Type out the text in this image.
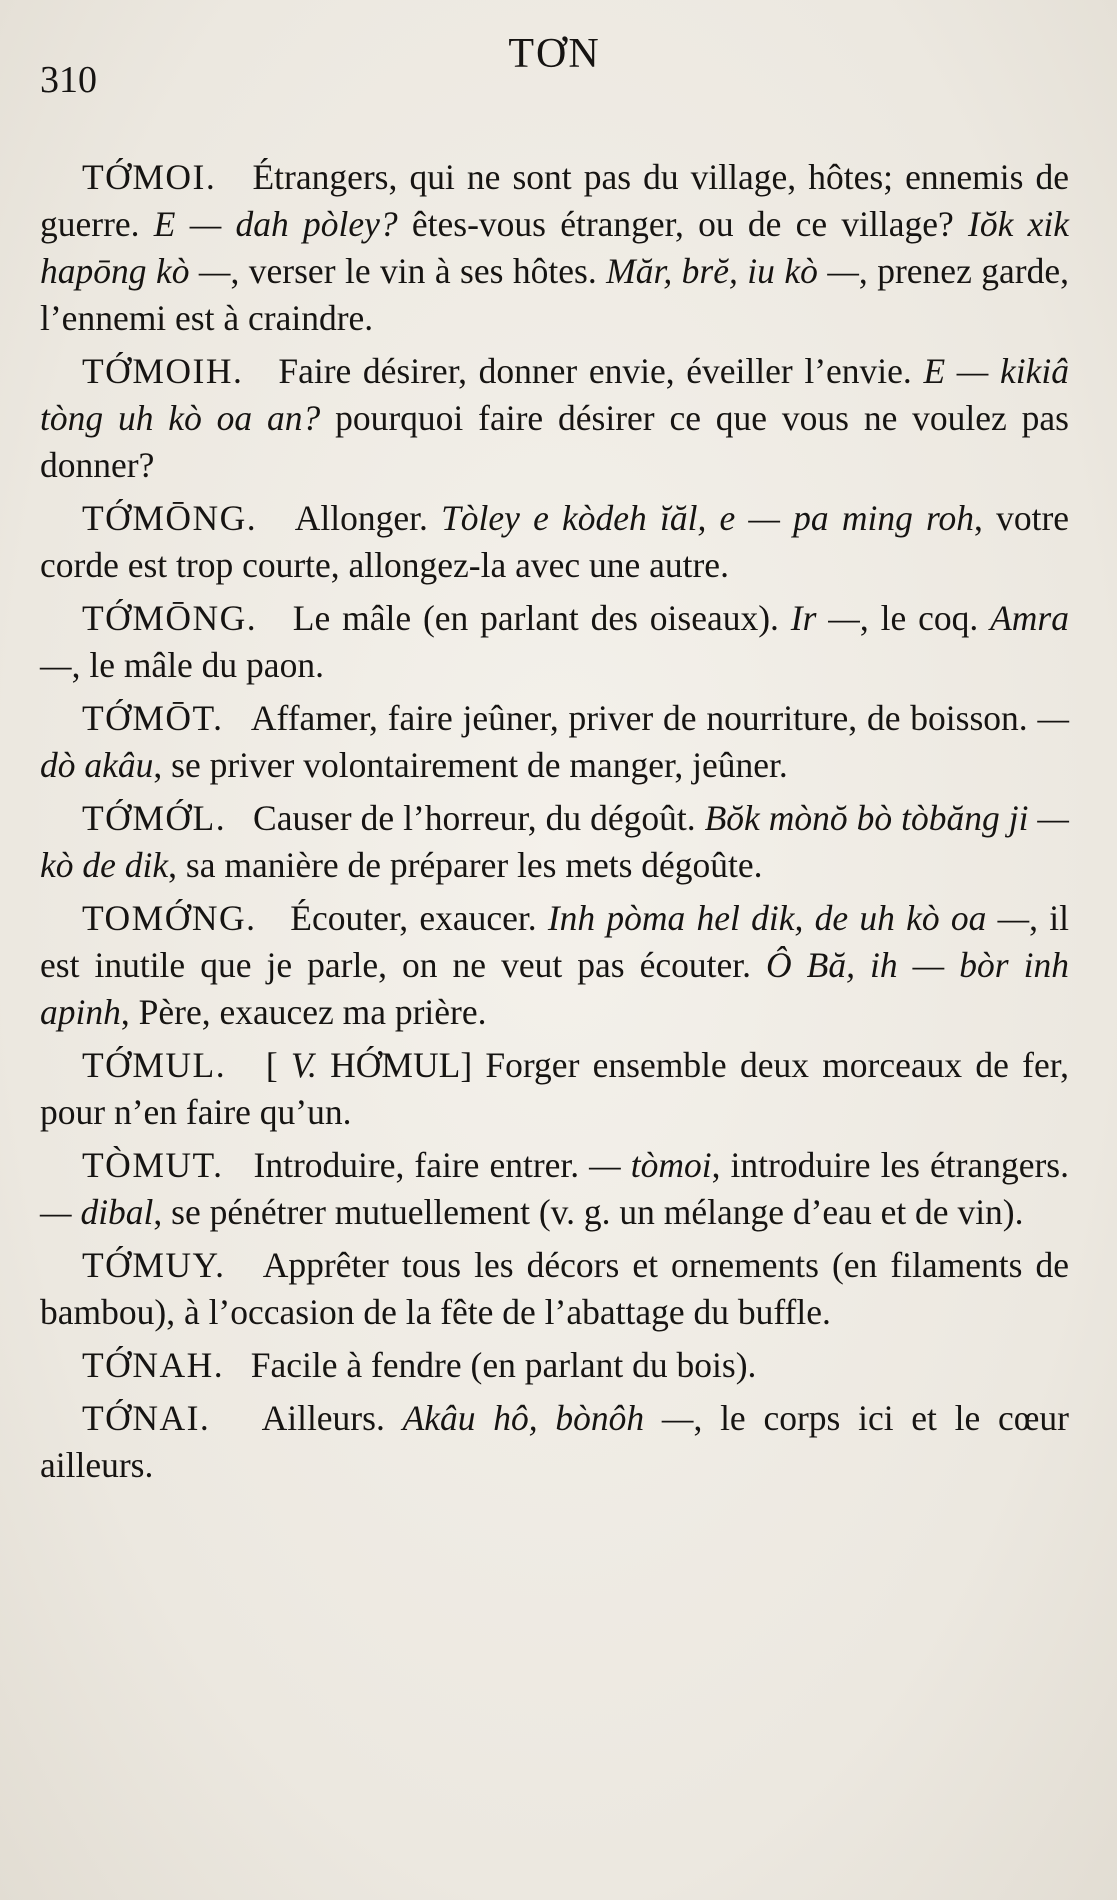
310
TƠN

TỚMOI. Étrangers, qui ne sont pas du village, hôtes; ennemis de guerre. E — dah pòley? êtes-vous étranger, ou de ce village? Iŏk xik hapōng kò —, verser le vin à ses hôtes. Măr, brĕ, iu kò —, prenez garde, l’ennemi est à craindre.

TỚMOIH. Faire désirer, donner envie, éveiller l’envie. E — kikiâ tòng uh kò oa an? pourquoi faire désirer ce que vous ne voulez pas donner?

TỚMŌNG. Allonger. Tòley e kòdeh ĭăl, e — pa ming roh, votre corde est trop courte, allongez-la avec une autre.

TỚMŌNG. Le mâle (en parlant des oiseaux). Ir —, le coq. Amra —, le mâle du paon.

TỚMŌT. Affamer, faire jeûner, priver de nourriture, de boisson. — dò akâu, se priver volontairement de manger, jeûner.

TỚMỚL. Causer de l’horreur, du dégoût. Bŏk mònŏ bò tòbăng ji — kò de dik, sa manière de préparer les mets dégoûte.

TOMỚNG. Écouter, exaucer. Inh pòma hel dik, de uh kò oa —, il est inutile que je parle, on ne veut pas écouter. Ô Bă, ih — bòr inh apinh, Père, exaucez ma prière.

TỚMUL. [ V. HỚMUL] Forger ensemble deux morceaux de fer, pour n’en faire qu’un.

TÒMUT. Introduire, faire entrer. — tòmoi, introduire les étrangers. — dibal, se pénétrer mutuellement (v. g. un mélange d’eau et de vin).

TỚMUY. Apprêter tous les décors et ornements (en filaments de bambou), à l’occasion de la fête de l’abattage du buffle.

TỚNAH. Facile à fendre (en parlant du bois).

TỚNAI. Ailleurs. Akâu hô, bònôh —, le corps ici et le cœur ailleurs.
